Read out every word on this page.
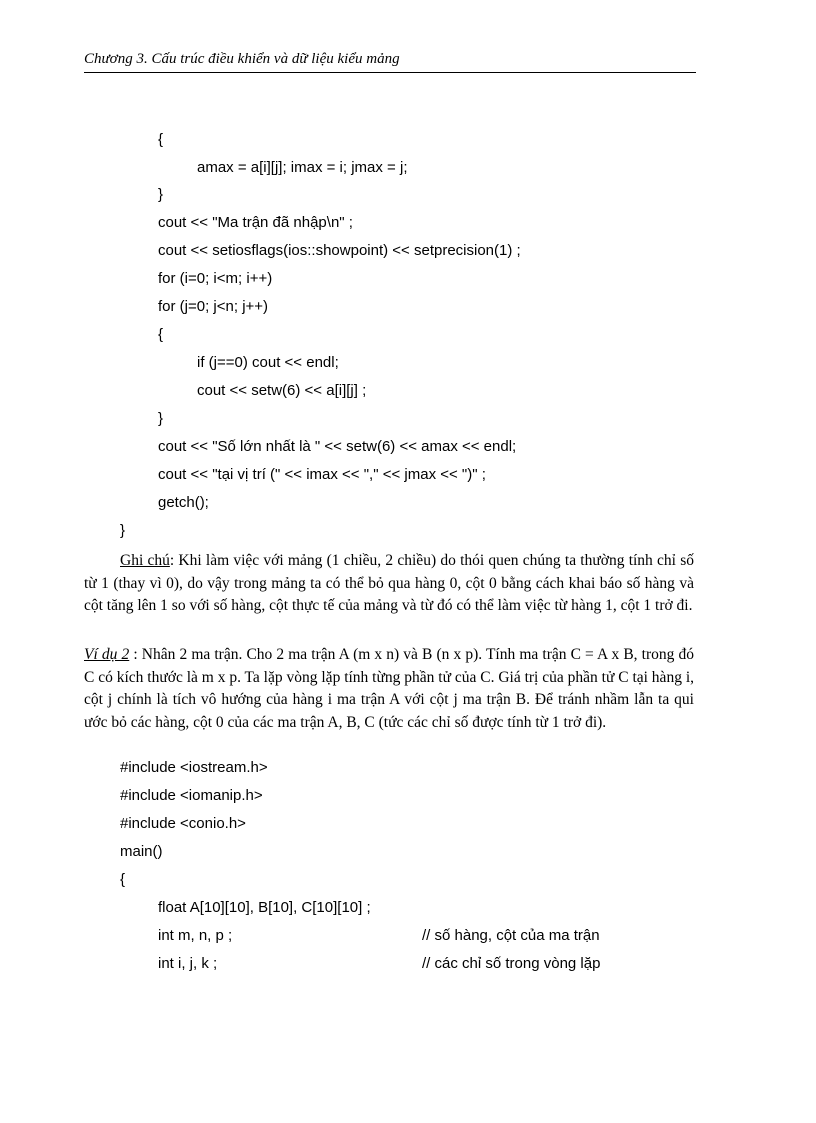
Chương 3. Cấu trúc điều khiển và dữ liệu kiểu mảng
{
amax = a[i][j]; imax = i; jmax = j;
}
cout << "Ma trận đã nhập\n" ;
cout << setiosflags(ios::showpoint) << setprecision(1) ;
for (i=0; i<m; i++)
for (j=0; j<n; j++)
{
if (j==0) cout << endl;
cout << setw(6) << a[i][j] ;
}
cout << "Số lớn nhất là " << setw(6) << amax << endl;
cout << "tại vị trí (" << imax << "," << jmax << ")" ;
getch();
}
Ghi chú: Khi làm việc với mảng (1 chiều, 2 chiều) do thói quen chúng ta thường tính chỉ số từ 1 (thay vì 0), do vậy trong mảng ta có thể bỏ qua hàng 0, cột 0 bằng cách khai báo số hàng và cột tăng lên 1 so với số hàng, cột thực tế của mảng và từ đó có thể làm việc từ hàng 1, cột 1 trở đi.
Ví dụ 2 : Nhân 2 ma trận. Cho 2 ma trận A (m x n) và B (n x p). Tính ma trận C = A x B, trong đó C có kích thước là m x p. Ta lặp vòng lặp tính từng phần tử của C. Giá trị của phần tử C tại hàng i, cột j chính là tích vô hướng của hàng i ma trận A với cột j ma trận B. Để tránh nhầm lẫn ta qui ước bỏ các hàng, cột 0 của các ma trận A, B, C (tức các chỉ số được tính từ 1 trở đi).
#include <iostream.h>
#include <iomanip.h>
#include <conio.h>
main()
{
float A[10][10], B[10], C[10][10] ;
int m, n, p ;	// số hàng, cột của ma trận
int i, j, k ;	// các chỉ số trong vòng lặp
